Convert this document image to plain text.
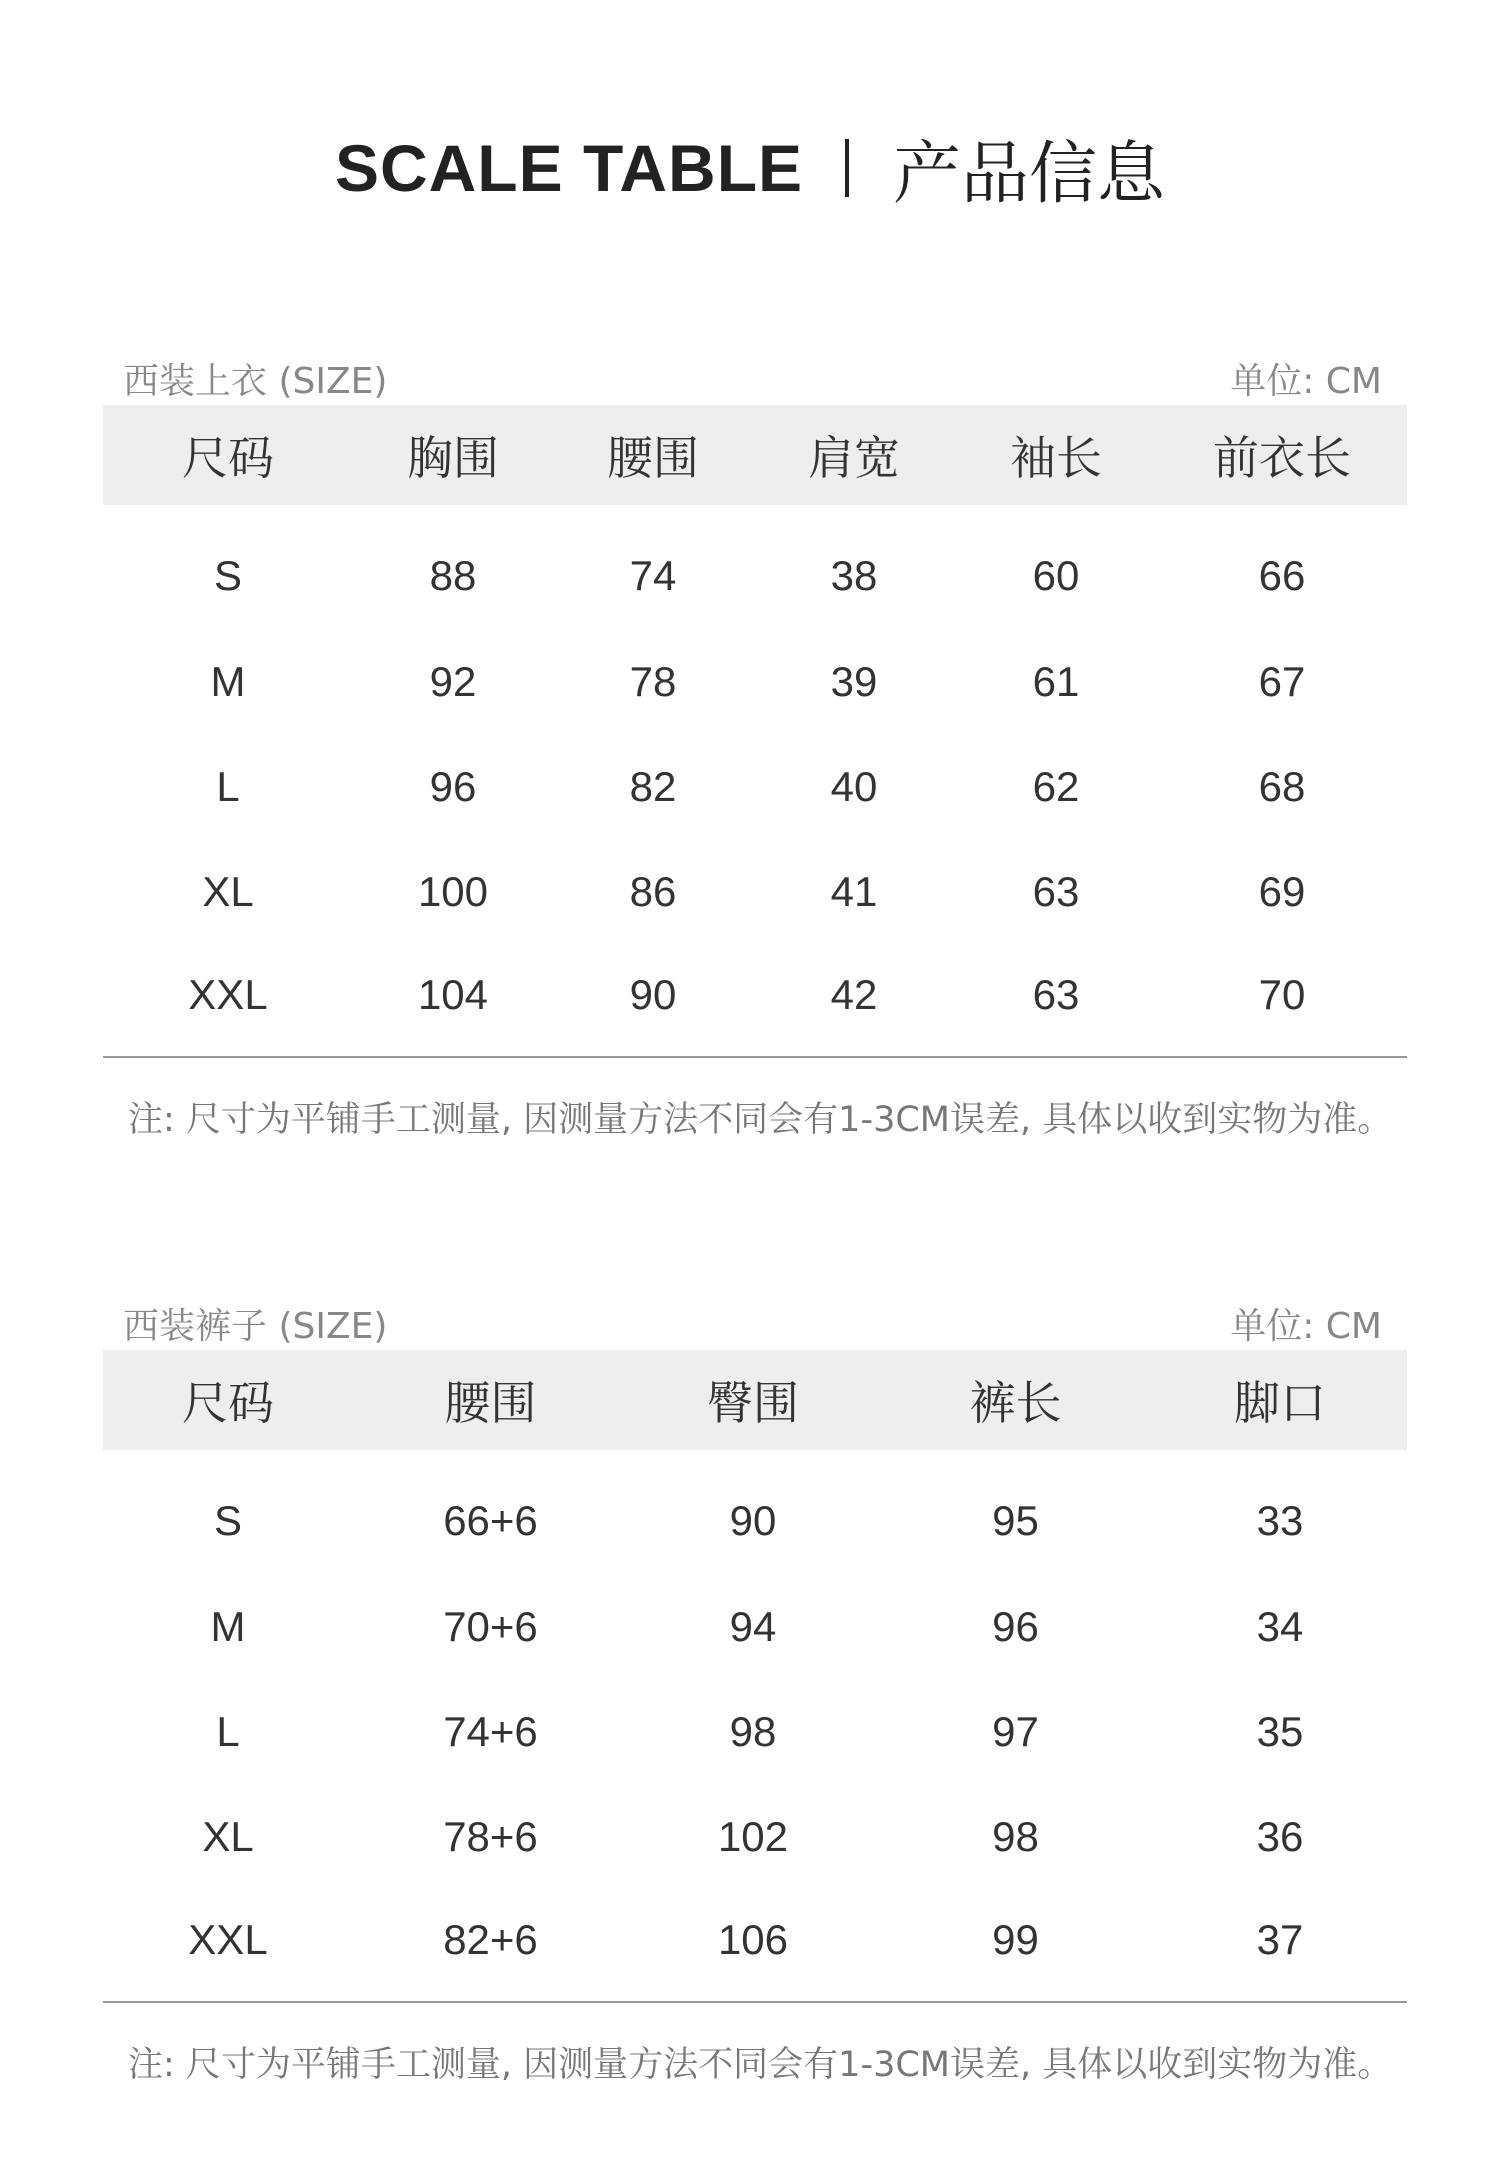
SCALE TABLE 产品信息
西装上衣 (SIZE)	单位: CM
尺码	胸围	腰围	肩宽	袖长	前衣长
S	88	74	38	60	66
M	92	78	39	61	67
L	96	82	40	62	68
XL	100	86	41	63	69
XXL	104	90	42	63	70
注: 尺寸为平铺手工测量, 因测量方法不同会有1-3CM误差, 具体以收到实物为准。
西装裤子 (SIZE)	单位: CM
尺码	腰围	臀围	裤长	脚口
S	66+6	90	95	33
M	70+6	94	96	34
L	74+6	98	97	35
XL	78+6	102	98	36
XXL	82+6	106	99	37
注: 尺寸为平铺手工测量, 因测量方法不同会有1-3CM误差, 具体以收到实物为准。
